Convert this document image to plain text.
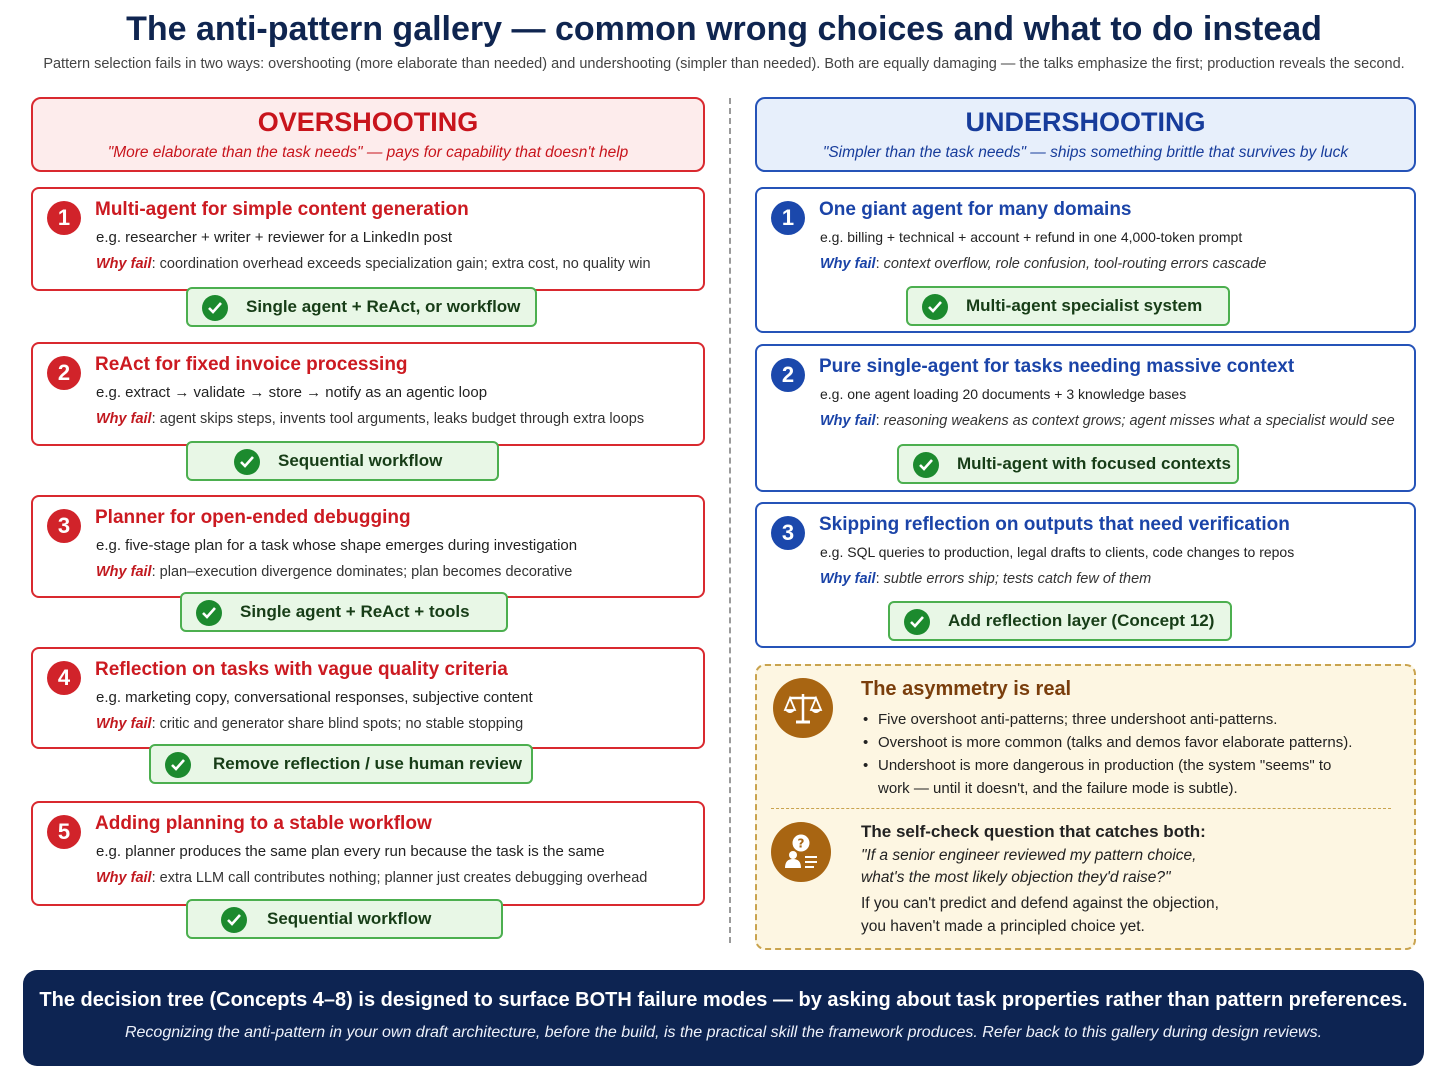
The anti-pattern gallery — common wrong choices and what to do instead
Pattern selection fails in two ways: overshooting (more elaborate than needed) and undershooting (simpler than needed). Both are equally damaging — the talks emphasize the first; production reveals the second.
OVERSHOOTING
"More elaborate than the task needs" — pays for capability that doesn't help
UNDERSHOOTING
"Simpler than the task needs" — ships something brittle that survives by luck
1	Multi-agent for simple content generation
e.g. researcher + writer + reviewer for a LinkedIn post
Why fail: coordination overhead exceeds specialization gain; extra cost, no quality win
Single agent + ReAct, or workflow
2	ReAct for fixed invoice processing
e.g. extract → validate → store → notify as an agentic loop
Why fail: agent skips steps, invents tool arguments, leaks budget through extra loops
Sequential workflow
3	Planner for open-ended debugging
e.g. five-stage plan for a task whose shape emerges during investigation
Why fail: plan–execution divergence dominates; plan becomes decorative
Single agent + ReAct + tools
4	Reflection on tasks with vague quality criteria
e.g. marketing copy, conversational responses, subjective content
Why fail: critic and generator share blind spots; no stable stopping
Remove reflection / use human review
5	Adding planning to a stable workflow
e.g. planner produces the same plan every run because the task is the same
Why fail: extra LLM call contributes nothing; planner just creates debugging overhead
Sequential workflow
1	One giant agent for many domains
e.g. billing + technical + account + refund in one 4,000-token prompt
Why fail: context overflow, role confusion, tool-routing errors cascade
Multi-agent specialist system
2	Pure single-agent for tasks needing massive context
e.g. one agent loading 20 documents + 3 knowledge bases
Why fail: reasoning weakens as context grows; agent misses what a specialist would see
Multi-agent with focused contexts
3	Skipping reflection on outputs that need verification
e.g. SQL queries to production, legal drafts to clients, code changes to repos
Why fail: subtle errors ship; tests catch few of them
Add reflection layer (Concept 12)
The asymmetry is real
• Five overshoot anti-patterns; three undershoot anti-patterns.
• Overshoot is more common (talks and demos favor elaborate patterns).
• Undershoot is more dangerous in production (the system "seems" to work — until it doesn't, and the failure mode is subtle).
?
The self-check question that catches both:
"If a senior engineer reviewed my pattern choice, what's the most likely objection they'd raise?"
If you can't predict and defend against the objection, you haven't made a principled choice yet.
The decision tree (Concepts 4–8) is designed to surface BOTH failure modes — by asking about task properties rather than pattern preferences.
Recognizing the anti-pattern in your own draft architecture, before the build, is the practical skill the framework produces. Refer back to this gallery during design reviews.
